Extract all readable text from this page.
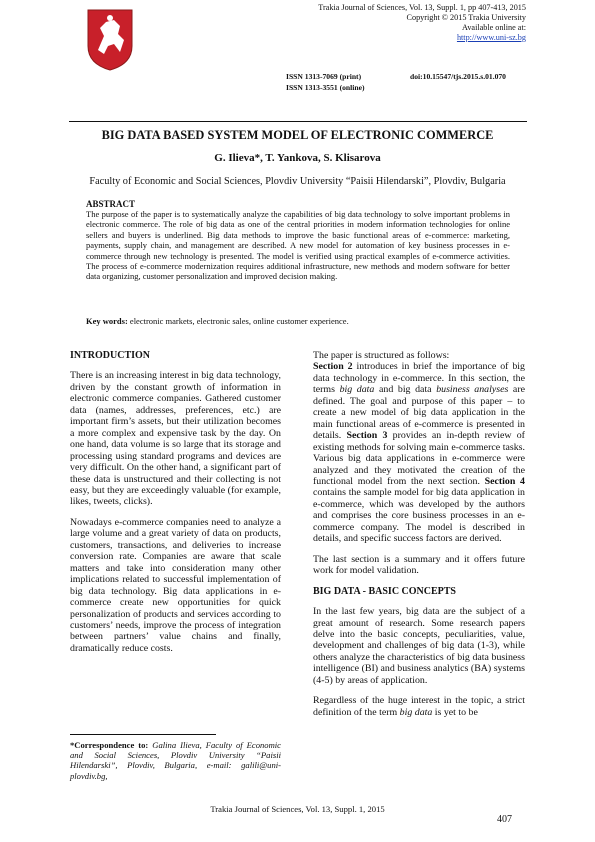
Trakia Journal of Sciences, Vol. 13, Suppl. 1, pp 407-413, 2015
Copyright © 2015 Trakia University
Available online at:
http://www.uni-sz.bg
ISSN 1313-7069 (print)
ISSN 1313-3551 (online)
doi:10.15547/tjs.2015.s.01.070
BIG DATA BASED SYSTEM MODEL OF ELECTRONIC COMMERCE
G. Ilieva*, T. Yankova, S. Klisarova
Faculty of Economic and Social Sciences, Plovdiv University “Paisii Hilendarski”, Plovdiv, Bulgaria
ABSTRACT
The purpose of the paper is to systematically analyze the capabilities of big data technology to solve important problems in electronic commerce. The role of big data as one of the central priorities in modern information technologies for online sellers and buyers is underlined. Big data methods to improve the basic functional areas of e-commerce: marketing, payments, supply chain, and management are described. A new model for automation of key business processes in e-commerce through new technology is presented. The model is verified using practical examples of e-commerce activities. The process of e-commerce modernization requires additional infrastructure, new methods and modern software for better data organizing, customer personalization and improved decision making.
Key words: electronic markets, electronic sales, online customer experience.

INTRODUCTION

There is an increasing interest in big data technology, driven by the constant growth of information in electronic commerce companies. Gathered customer data (names, addresses, preferences, etc.) are important firm’s assets, but their utilization becomes a more complex and expensive task by the day. On one hand, data volume is so large that its storage and processing using standard programs and devices are very difficult. On the other hand, a significant part of these data is unstructured and their collecting is not easy, but they are exceedingly valuable (for example, likes, tweets, clicks).

Nowadays e-commerce companies need to analyze a large volume and a great variety of data on products, customers, transactions, and deliveries to increase conversion rate. Companies are aware that scale matters and take into consideration many other implications related to successful implementation of big data technology. Big data applications in e-commerce create new opportunities for quick personalization of products and services according to customers’ needs, improve the process of integration between partners’ value chains and finally, dramatically reduce costs.

*Correspondence to: Galina Ilieva, Faculty of Economic and Social Sciences, Plovdiv University “Paisii Hilendarski”, Plovdiv, Bulgaria, e-mail: galili@uni-plovdiv.bg,

The paper is structured as follows:

Section 2 introduces in brief the importance of big data technology in e-commerce. In this section, the terms big data and big data business analyses are defined. The goal and purpose of this paper – to create a new model of big data application in the main functional areas of e-commerce is presented in details. Section 3 provides an in-depth review of existing methods for solving main e-commerce tasks. Various big data applications in e-commerce were analyzed and they motivated the creation of the functional model from the next section. Section 4 contains the sample model for big data application in e-commerce, which was developed by the authors and comprises the core business processes in an e-commerce company. The model is described in details, and specific success factors are derived.

The last section is a summary and it offers future work for model validation.

BIG DATA - BASIC CONCEPTS

In the last few years, big data are the subject of a great amount of research. Some research papers delve into the basic concepts, peculiarities, value, development and challenges of big data (1-3), while others analyze the characteristics of big data business intelligence (BI) and business analytics (BA) systems (4-5) by areas of application.

Regardless of the huge interest in the topic, a strict definition of the term big data is yet to be

Trakia Journal of Sciences, Vol. 13, Suppl. 1, 2015
407
